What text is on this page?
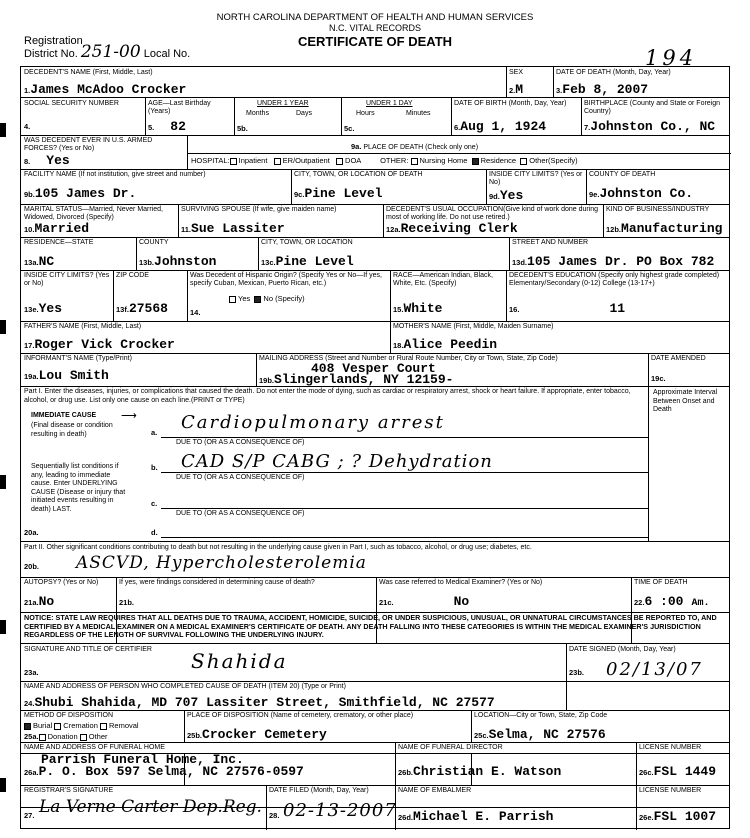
NORTH CAROLINA DEPARTMENT OF HEALTH AND HUMAN SERVICES
N.C. VITAL RECORDS
CERTIFICATE OF DEATH
Registration
District No. 251-00 Local No.	194
DECEDENT'S NAME (First, Middle, Last)
1.James McAdoo Crocker
SEX
2.M
DATE OF DEATH (Month, Day, Year)
3.Feb 8, 2007
SOCIAL SECURITY NUMBER
4.
AGE—Last Birthday (Years)
5. 82
UNDER 1 YEAR
Months	Days
5b.
UNDER 1 DAY
Hours	Minutes
5c.
DATE OF BIRTH (Month, Day, Year)
6.Aug 1, 1924
BIRTHPLACE (County and State or Foreign Country)
7.Johnston Co., NC
WAS DECEDENT EVER IN U.S. ARMED FORCES? (Yes or No)
8. Yes
9a. PLACE OF DEATH (Check only one)
HOSPITAL: Inpatient ER/Outpatient DOA	OTHER: Nursing Home Residence Other(Specify)
FACILITY NAME (If not institution, give street and number)
9b.105 James Dr.
CITY, TOWN, OR LOCATION OF DEATH
9c.Pine Level
INSIDE CITY LIMITS? (Yes or No)
9d.Yes
COUNTY OF DEATH
9e.Johnston Co.
MARITAL STATUS—Married, Never Married, Widowed, Divorced (Specify)
10.Married
SURVIVING SPOUSE (If wife, give maiden name)
11.Sue Lassiter
DECEDENT'S USUAL OCCUPATION(Give kind of work done during most of working life. Do not use retired.)
12a.Receiving Clerk
KIND OF BUSINESS/INDUSTRY
12b.Manufacturing
RESIDENCE—STATE
13a.NC
COUNTY
13b.Johnston
CITY, TOWN, OR LOCATION
13c.Pine Level
STREET AND NUMBER
13d.105 James Dr. PO Box 782
INSIDE CITY LIMITS? (Yes or No)
13e.Yes
ZIP CODE
13f.27568
Was Decedent of Hispanic Origin? (Specify Yes or No—If yes, specify Cuban, Mexican, Puerto Rican, etc.)
Yes No (Specify)
14.
RACE—American Indian, Black, White, Etc. (Specify)
15.White
DECEDENT'S EDUCATION (Specify only highest grade completed) Elementary/Secondary (0-12) College (13-17+)
16.	11
FATHER'S NAME (First, Middle, Last)
17.Roger Vick Crocker
MOTHER'S NAME (First, Middle, Maiden Surname)
18.Alice Peedin
INFORMANT'S NAME (Type/Print)
19a.Lou Smith
MAILING ADDRESS (Street and Number or Rural Route Number, City or Town, State, Zip Code)
408 Vesper Court
19b.Slingerlands, NY 12159-
DATE AMENDED
19c.
Part I. Enter the diseases, injuries, or complications that caused the death. Do not enter the mode of dying, such as cardiac or respiratory arrest, shock or heart failure. If appropriate, enter tobacco, alcohol, or drug use. List only one cause on each line.(PRINT or TYPE)
Approximate Interval Between Onset and Death
IMMEDIATE CAUSE
(Final disease or condition resulting in death)
⟶
a. Cardiopulmonary arrest
DUE TO (OR AS A CONSEQUENCE OF)
Sequentially list conditions if any, leading to immediate cause. Enter UNDERLYING CAUSE (Disease or injury that initiated events resulting in death) LAST.
b. CAD S/P CABG ; ? Dehydration
DUE TO (OR AS A CONSEQUENCE OF)
c.
DUE TO (OR AS A CONSEQUENCE OF)
20a.	d.
Part II. Other significant conditions contributing to death but not resulting in the underlying cause given in Part I, such as tobacco, alcohol, or drug use; diabetes, etc.
20b. ASCVD, Hypercholesterolemia
AUTOPSY? (Yes or No)
21a.No
If yes, were findings considered in determining cause of death?
21b.
Was case referred to Medical Examiner? (Yes or No)
21c.	No
TIME OF DEATH
22.6 :00 Am.
NOTICE: STATE LAW REQUIRES THAT ALL DEATHS DUE TO TRAUMA, ACCIDENT, HOMICIDE, SUICIDE, OR UNDER SUSPICIOUS, UNUSUAL, OR UNNATURAL CIRCUMSTANCES BE REPORTED TO, AND CERTIFIED BY A MEDICAL EXAMINER ON A MEDICAL EXAMINER'S CERTIFICATE OF DEATH. ANY DEATH FALLING INTO THESE CATEGORIES IS WITHIN THE MEDICAL EXAMINER'S JURISDICTION REGARDLESS OF THE LENGTH OF SURVIVAL FOLLOWING THE UNDERLYING INJURY.
SIGNATURE AND TITLE OF CERTIFIER
23a.	Shahida	DATE SIGNED (Month, Day, Year)
23b. 02/13/07
NAME AND ADDRESS OF PERSON WHO COMPLETED CAUSE OF DEATH (ITEM 20) (Type or Print)
24.Shubi Shahida, MD 707 Lassiter Street, Smithfield, NC 27577
METHOD OF DISPOSITION
Burial Cremation Removal
25a. Donation Other
PLACE OF DISPOSITION (Name of cemetery, crematory, or other place)
25b.Crocker Cemetery
LOCATION—City or Town, State, Zip Code
25c.Selma, NC 27576
NAME AND ADDRESS OF FUNERAL HOME
Parrish Funeral Home, Inc.
26a.P. O. Box 597 Selma, NC 27576-0597
NAME OF FUNERAL DIRECTOR
26b.Christian E. Watson
LICENSE NUMBER
26c.FSL 1449
REGISTRAR'S SIGNATURE
27. La Verne Carter Dep.Reg.
DATE FILED (Month, Day, Year)
28. 02-13-2007
NAME OF EMBALMER
26d.Michael E. Parrish
LICENSE NUMBER
26e.FSL 1007
